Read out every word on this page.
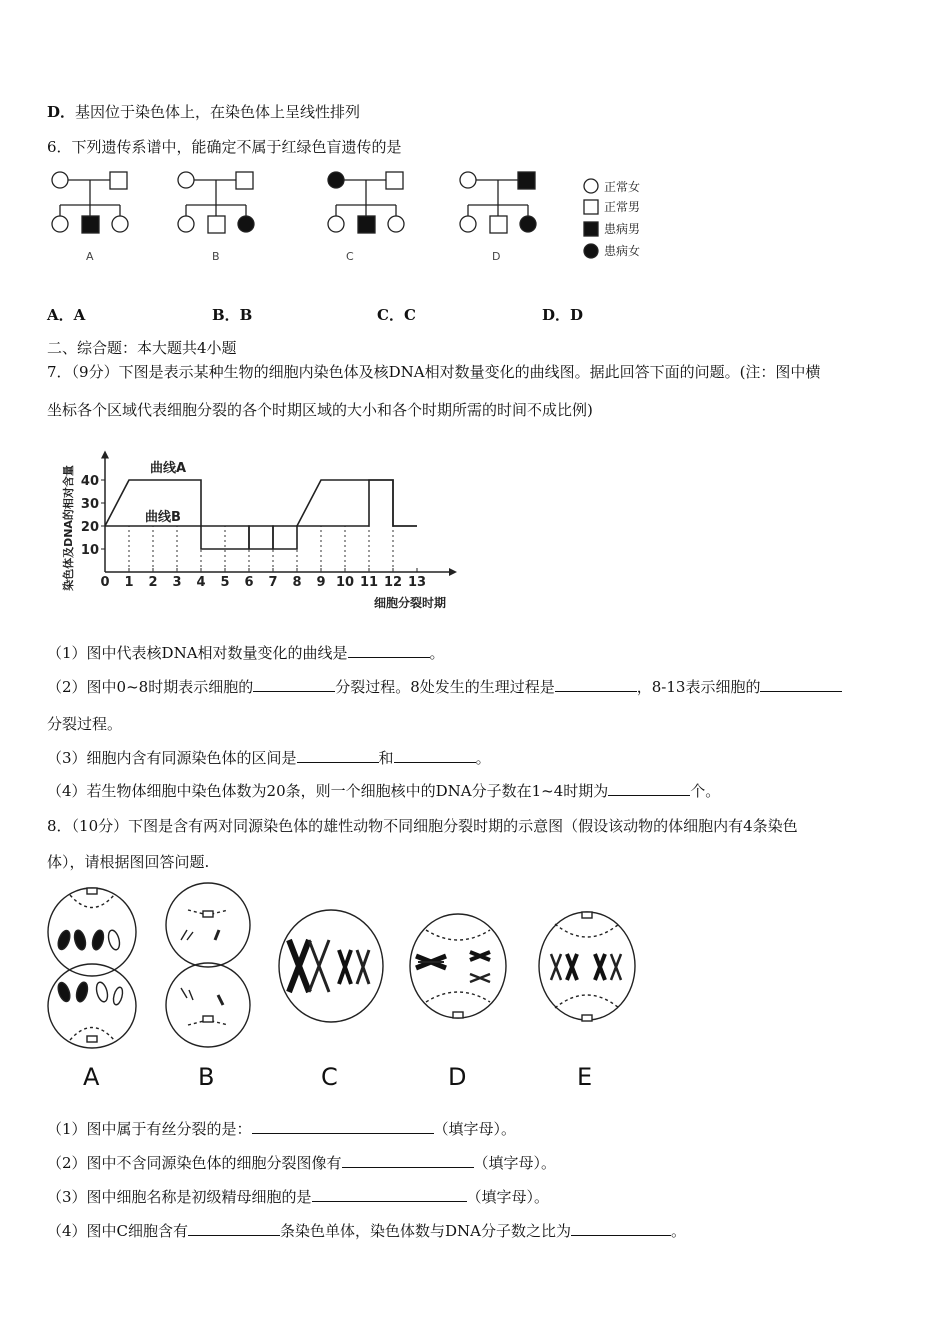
D．基因位于染色体上，在染色体上呈线性排列
6．下列遗传系谱中，能确定不属于红绿色盲遗传的是
A	B	C	D
正常女
正常男
患病男
患病女
A．A	B．B	C．C	D．D
二、综合题：本大题共4小题
7．（9分）下图是表示某种生物的细胞内染色体及核DNA相对数量变化的曲线图。据此回答下面的问题。(注：图中横
坐标各个区域代表细胞分裂的各个时期区域的大小和各个时期所需的时间不成比例)
染色体及DNA的相对含量
细胞分裂时期
曲线A
曲线B
10
20
30
40
0 1 2 3 4 5 6 7 8 9 10 11 12 13
（1）图中代表核DNA相对数量变化的曲线是	。
（2）图中0~8时期表示细胞的	分裂过程。8处发生的生理过程是	，8-13表示细胞的
分裂过程。
（3）细胞内含有同源染色体的区间是	和	。
（4）若生物体细胞中染色体数为20条，则一个细胞核中的DNA分子数在1~4时期为	个。
8．（10分）下图是含有两对同源染色体的雄性动物不同细胞分裂时期的示意图（假设该动物的体细胞内有4条染色
体），请根据图回答问题.
A	B	C	D	E
（1）图中属于有丝分裂的是：	（填字母）。
（2）图中不含同源染色体的细胞分裂图像有	（填字母）。
（3）图中细胞名称是初级精母细胞的是	（填字母）。
（4）图中C细胞含有	条染色单体，染色体数与DNA分子数之比为	。
